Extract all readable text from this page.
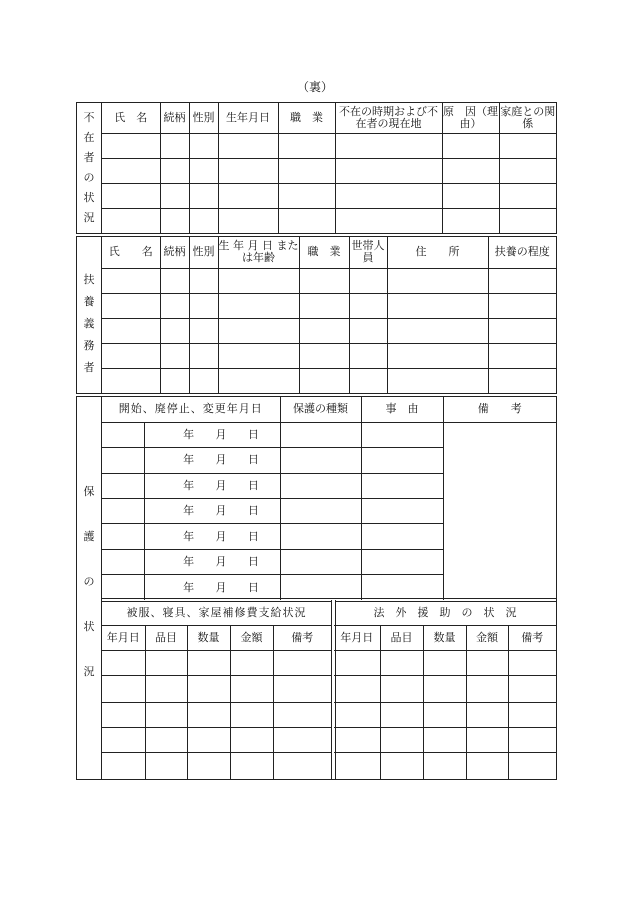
（裏）
不
在
者
の
状
況
氏　名	続柄	性別	生年月日	職　業	不在の時期および不在者の現在地	原　因（理由）	家庭との関係

扶
養
義
務
者
氏　　名	続柄	性別	生 年 月 日 または年齢	職　業	世帯人員	住　　所	扶養の程度

保
護
の
状
況
開始、廃停止、変更年月日		保護の種類	事　由	備　　考

	年 月 日			

	年 月 日			

	年 月 日			

	年 月 日			

	年 月 日			

	年 月 日			

	年 月 日			

被服、寝具、家屋補修費支給状況				
年月日	品目	数量	金額	備考

法　外　援　助　の　状　況				
年月日	品目	数量	金額	備考
